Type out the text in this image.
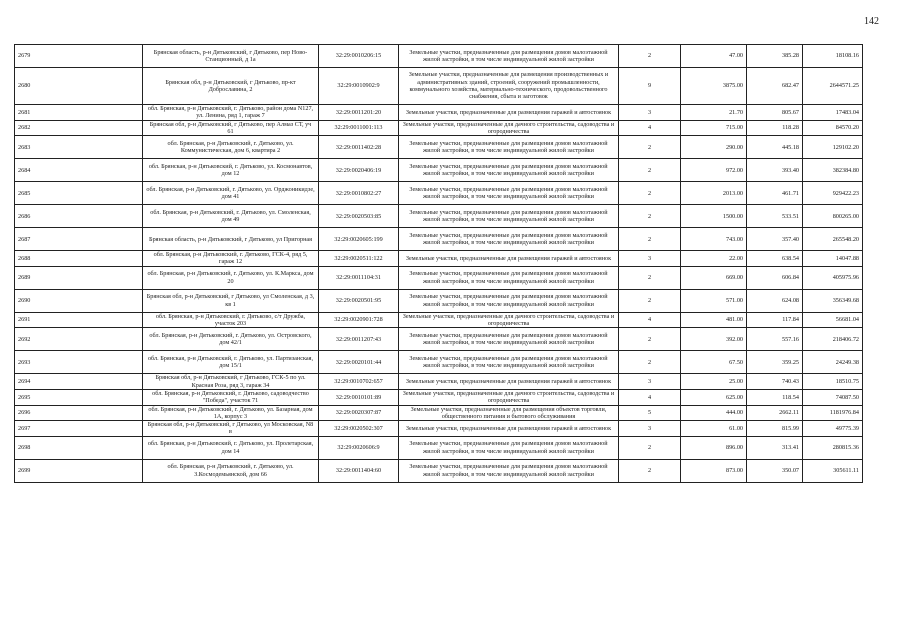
142
2679	Брянская область, р-н Дятьковский, г Дятьково, пер Ново-Станционный, д 1а	32:29:0010206:15	Земельные участки, предназначенные для размещения домов малоэтажной жилой застройки, в том числе индивидуальной жилой застройки	2	47.00	385.28	18108.16
2680	Брянская обл, р-н Дятьковский, г Дятьково, пр-кт Доброславина, 2	32:29:0010902:9	Земельные участки, предназначенные для размещения производственных и административных зданий, строений, сооружений промышленности, коммунального хозяйства, материально-технического, продовольственного снабжения, сбыта и заготовок	9	3875.00	682.47	2644571.25
2681	обл. Брянская, р-н Дятьковский, г. Дятьково, район дома N127, ул. Ленина, ряд 1, гараж 7	32:29:0011201:20	Земельные участки, предназначенные для размещения гаражей и автостоянок	3	21.70	805.67	17483.04
2682	Брянская обл, р-н Дятьковский, г Дятьково, пер Алмаз СТ, уч 61	32:29:0011001:113	Земельные участки, предназначенные для дачного строительства, садоводства и огородничества	4	715.00	118.28	84570.20
2683	обл. Брянская, р-н Дятьковский, г. Дятьково, ул. Коммунистическая, дом 6, квартира 2	32:29:0011402:28	Земельные участки, предназначенные для размещения домов малоэтажной жилой застройки, в том числе индивидуальной жилой застройки	2	290.00	445.18	129102.20
2684	обл. Брянская, р-н Дятьковский, г. Дятьково, ул. Космонавтов, дом 12	32:29:0020406:19	Земельные участки, предназначенные для размещения домов малоэтажной жилой застройки, в том числе индивидуальной жилой застройки	2	972.00	393.40	382384.80
2685	обл. Брянская, р-н Дятьковский, г. Дятьково, ул. Орджоникидзе, дом 41	32:29:0010802:27	Земельные участки, предназначенные для размещения домов малоэтажной жилой застройки, в том числе индивидуальной жилой застройки	2	2013.00	461.71	929422.23
2686	обл. Брянская, р-н Дятьковский, г. Дятьково, ул. Смоленская, дом 49	32:29:0020503:85	Земельные участки, предназначенные для размещения домов малоэтажной жилой застройки, в том числе индивидуальной жилой застройки	2	1500.00	533.51	800265.00
2687	Брянская область, р-н Дятьковский, г Дятьково, ул Пригорная	32:29:0020605:199	Земельные участки, предназначенные для размещения домов малоэтажной жилой застройки, в том числе индивидуальной жилой застройки	2	743.00	357.40	265548.20
2688	обл. Брянская, р-н Дятьковский, г. Дятьково, ГСК-4, ряд 5, гараж 12	32:29:0020511:122	Земельные участки, предназначенные для размещения гаражей и автостоянок	3	22.00	638.54	14047.88
2689	обл. Брянская, р-н Дятьковский, г. Дятьково, ул. К.Маркса, дом 20	32:29:0011104:31	Земельные участки, предназначенные для размещения домов малоэтажной жилой застройки, в том числе индивидуальной жилой застройки	2	669.00	606.84	405975.96
2690	Брянская обл, р-н Дятьковский, г Дятьково, ул Смоленская, д 3, кв 1	32:29:0020501:95	Земельные участки, предназначенные для размещения домов малоэтажной жилой застройки, в том числе индивидуальной жилой застройки	2	571.00	624.08	356349.68
2691	обл. Брянская, р-н Дятьковский, г. Дятьково, с/т Дружба, участок 203	32:29:0020901:728	Земельные участки, предназначенные для дачного строительства, садоводства и огородничества	4	481.00	117.84	56681.04
2692	обл. Брянская, р-н Дятьковский, г. Дятьково, ул. Островского, дом 42/1	32:29:0011207:43	Земельные участки, предназначенные для размещения домов малоэтажной жилой застройки, в том числе индивидуальной жилой застройки	2	392.00	557.16	218406.72
2693	обл. Брянская, р-н Дятьковский, г. Дятьково, ул. Партизанская, дом 15/1	32:29:0020101:44	Земельные участки, предназначенные для размещения домов малоэтажной жилой застройки, в том числе индивидуальной жилой застройки	2	67.50	359.25	24249.38
2694	Брянская обл, р-н Дятьковский, г Дятьково, ГСК-5 по ул. Красная Роза, ряд 3, гараж 34	32:29:0010702:657	Земельные участки, предназначенные для размещения гаражей и автостоянок	3	25.00	740.43	18510.75
2695	обл. Брянская, р-н Дятьковский, г. Дятьково, садоводчество "Победа", участок 71	32:29:0010101:89	Земельные участки, предназначенные для дачного строительства, садоводства и огородничества	4	625.00	118.54	74087.50
2696	обл. Брянская, р-н Дятьковский, г. Дятьково, ул. Базарная, дом 1А, корпус 3	32:29:0020307:87	Земельные участки, предназначенные для размещения объектов торговли, общественного питания и бытового обслуживания	5	444.00	2662.11	1181976.84
2697	Брянская обл, р-н Дятьковский, г Дятьково, ул Московская, N8 в	32:29:0020502:307	Земельные участки, предназначенные для размещения гаражей и автостоянок	3	61.00	815.99	49775.39
2698	обл. Брянская, р-н Дятьковский, г. Дятьково, ул. Пролетарская, дом 14	32:29:0020606:9	Земельные участки, предназначенные для размещения домов малоэтажной жилой застройки, в том числе индивидуальной жилой застройки	2	896.00	313.41	280815.36
2699	обл. Брянская, р-н Дятьковский, г. Дятьково, ул. З.Космодемьянской, дом 66	32:29:0011404:60	Земельные участки, предназначенные для размещения домов малоэтажной жилой застройки, в том числе индивидуальной жилой застройки	2	873.00	350.07	305611.11
